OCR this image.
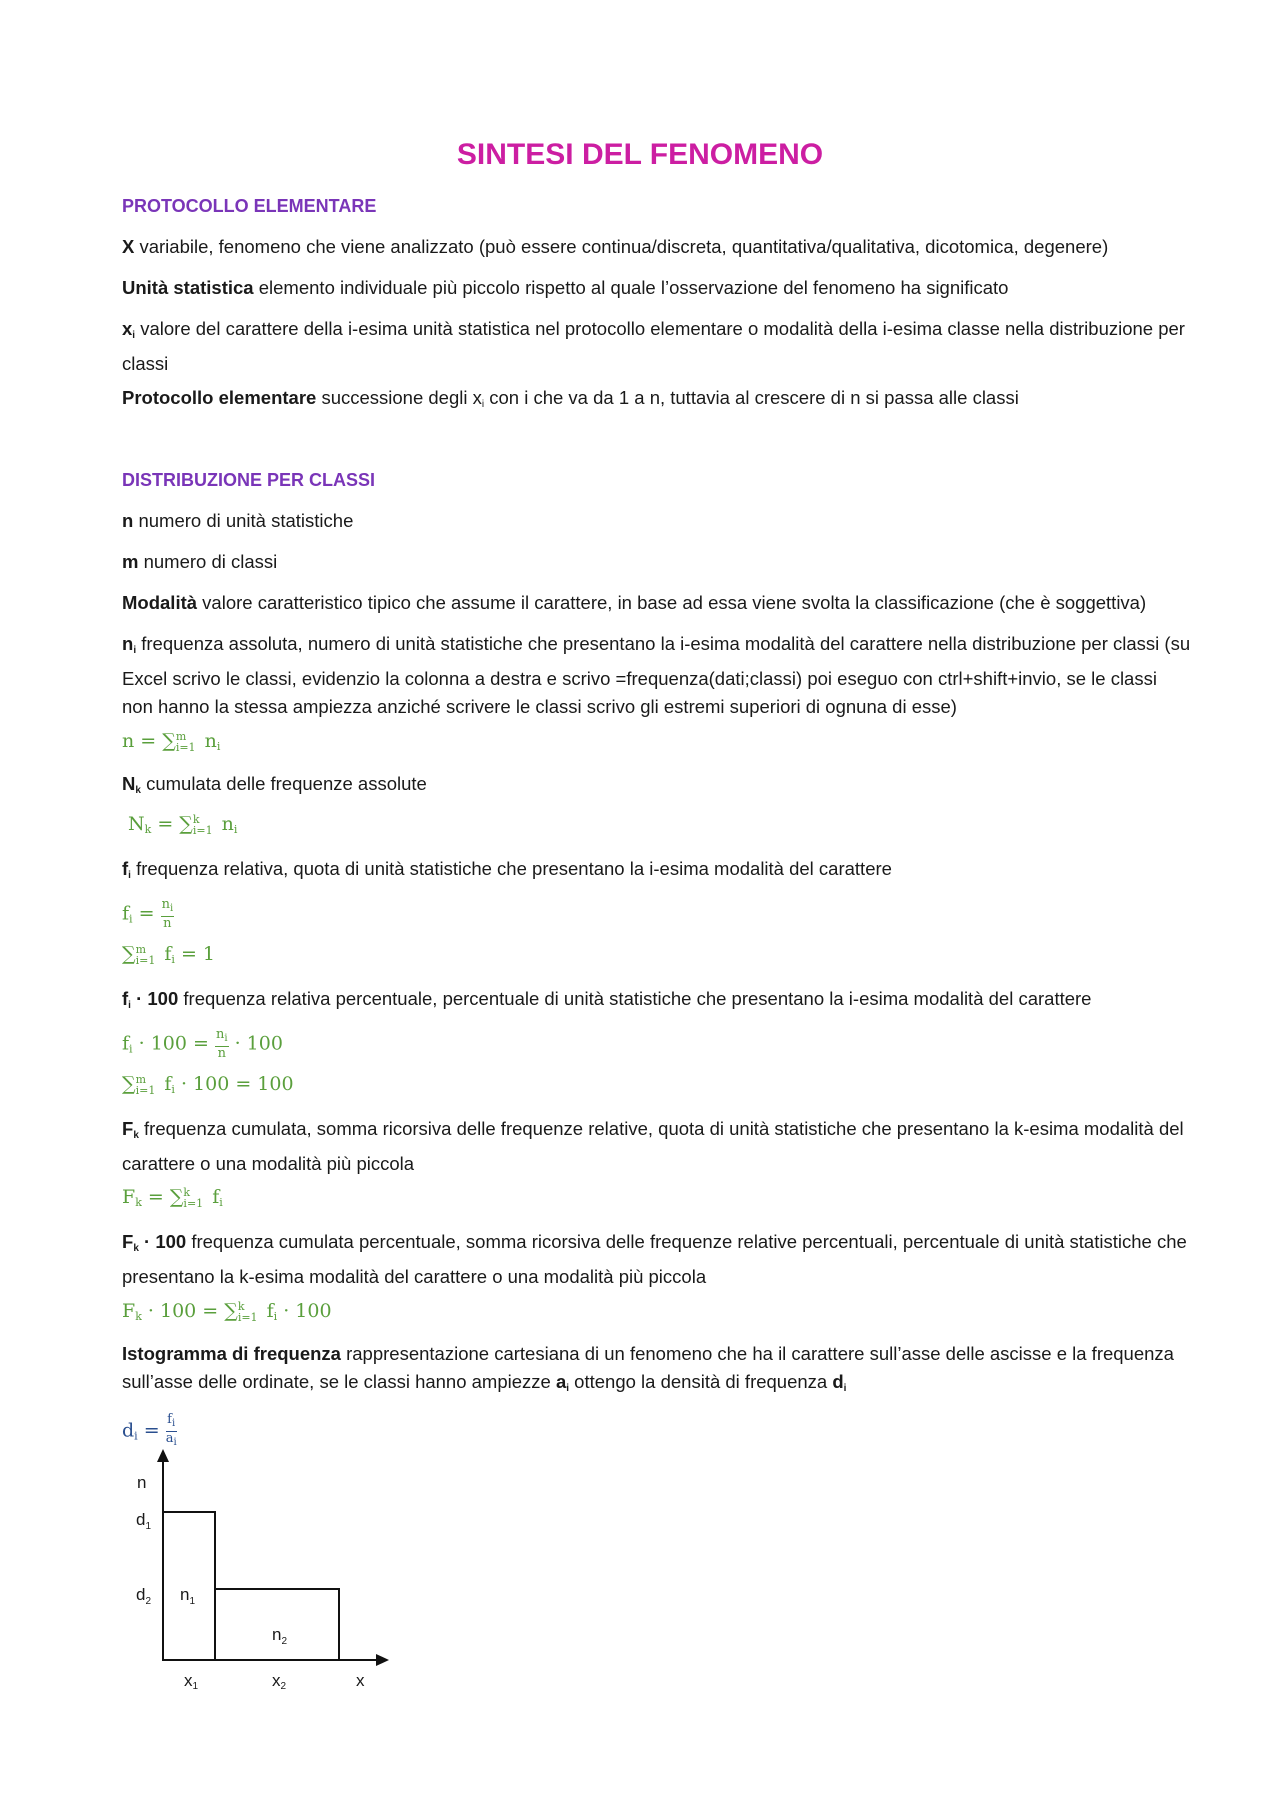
SINTESI DEL FENOMENO
PROTOCOLLO ELEMENTARE
X variabile, fenomeno che viene analizzato (può essere continua/discreta, quantitativa/qualitativa, dicotomica, degenere)
Unità statistica elemento individuale più piccolo rispetto al quale l’osservazione del fenomeno ha significato
xi valore del carattere della i-esima unità statistica nel protocollo elementare o modalità della i-esima classe nella distribuzione per classi
Protocollo elementare successione degli xi con i che va da 1 a n, tuttavia al crescere di n si passa alle classi
DISTRIBUZIONE PER CLASSI
n numero di unità statistiche
m numero di classi
Modalità valore caratteristico tipico che assume il carattere, in base ad essa viene svolta la classificazione (che è soggettiva)
ni frequenza assoluta, numero di unità statistiche che presentano la i-esima modalità del carattere nella distribuzione per classi (su Excel scrivo le classi, evidenzio la colonna a destra e scrivo =frequenza(dati;classi) poi eseguo con ctrl+shift+invio, se le classi non hanno la stessa ampiezza anziché scrivere le classi scrivo gli estremi superiori di ognuna di esse)
n = ∑ m
i=1 $n_i$
Nk cumulata delle frequenze assolute
$N_k$ = ∑ k
i=1 $n_i$
fi frequenza relativa, quota di unità statistiche che presentano la i-esima modalità del carattere
$f_i = \frac{n_i}{n}$
∑ m
i=1 $f_i = 1$
fi · 100 frequenza relativa percentuale, percentuale di unità statistiche che presentano la i-esima modalità del carattere
$f_i \cdot 100 = \frac{n_i}{n} \cdot 100$
∑ m
i=1 $f_i \cdot 100 = 100$
Fk frequenza cumulata, somma ricorsiva delle frequenze relative, quota di unità statistiche che presentano la k-esima modalità del carattere o una modalità più piccola
$F_k$ = ∑ k
i=1 $f_i$
Fk · 100 frequenza cumulata percentuale, somma ricorsiva delle frequenze relative percentuali, percentuale di unità statistiche che presentano la k-esima modalità del carattere o una modalità più piccola
$F_k \cdot 100$ = ∑ k
i=1 $f_i \cdot 100$
Istogramma di frequenza rappresentazione cartesiana di un fenomeno che ha il carattere sull’asse delle ascisse e la frequenza sull’asse delle ordinate, se le classi hanno ampiezze ai ottengo la densità di frequenza di
$d_i = \frac{f_i}{a_i}$
n
$d_1$
$d_2$ $n_1$
$n_2$
x1	x2	x
